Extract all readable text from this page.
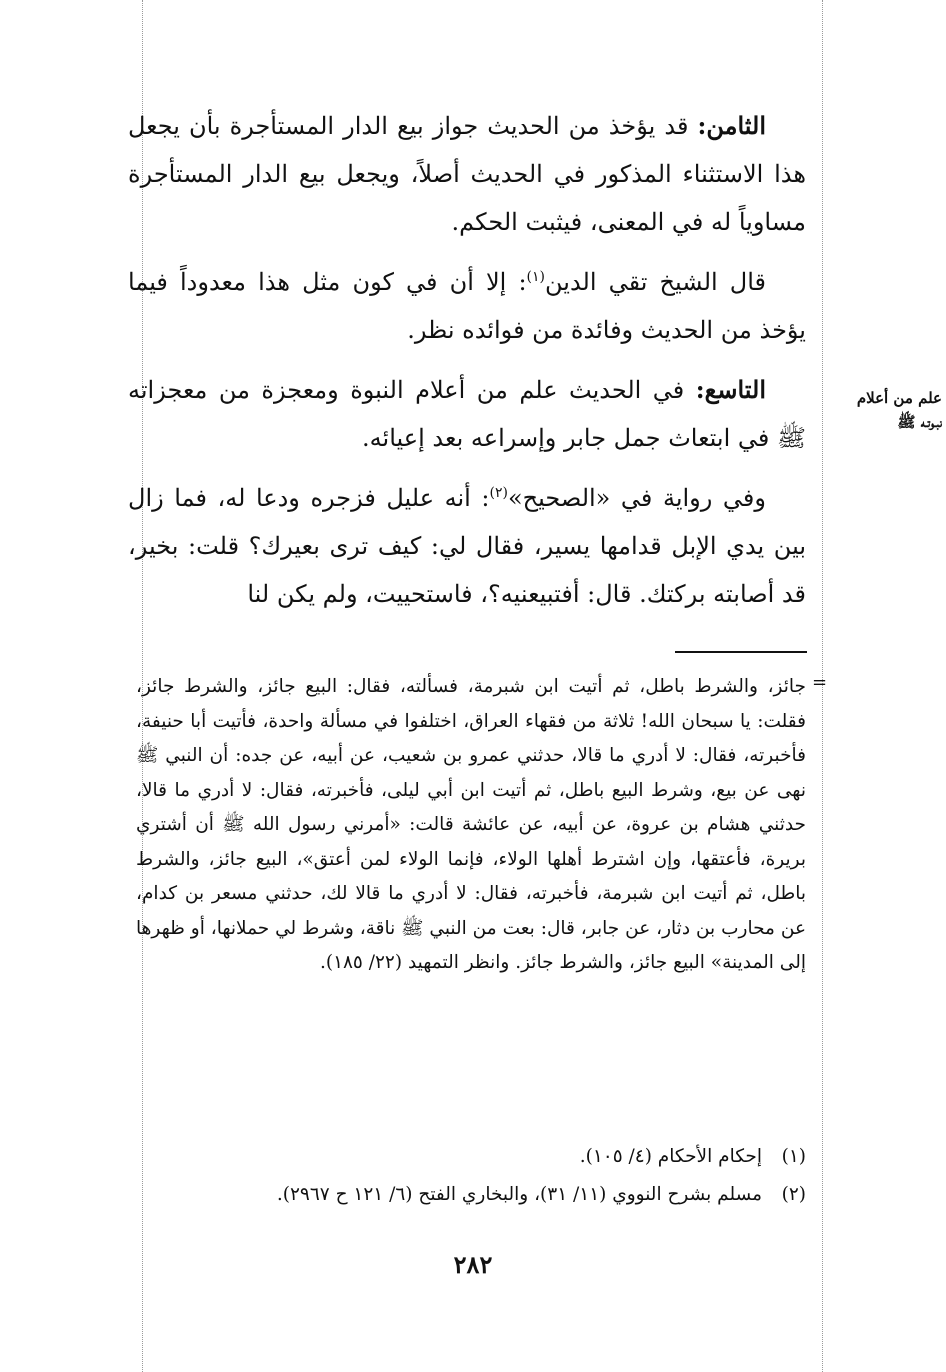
الثامن: قد يؤخذ من الحديث جواز بيع الدار المستأجرة بأن يجعل هذا الاستثناء المذكور في الحديث أصلاً، ويجعل بيع الدار المستأجرة مساوياً له في المعنى، فيثبت الحكم.

قال الشيخ تقي الدين$^{(١)}$: إلا أن في كون مثل هذا معدوداً فيما يؤخذ من الحديث وفائدة من فوائده نظر.

التاسع: في الحديث علم من أعلام النبوة ومعجزة من معجزاته ﷺ في ابتعاث جمل جابر وإسراعه بعد إعيائه.

وفي رواية في «الصحيح»$^{(٢)}$: أنه عليل فزجره ودعا له، فما زال بين يدي الإبل قدامها يسير، فقال لي: كيف ترى بعيرك؟ قلت: بخير، قد أصابته بركتك. قال: أفتبيعنيه؟، فاستحييت، ولم يكن لنا

علم من أعلام
نبـوتـه ﷺ
=
جائز، والشرط باطل، ثم أتيت ابن شبرمة، فسألته، فقال: البيع جائز، والشرط جائز، فقلت: يا سبحان الله! ثلاثة من فقهاء العراق، اختلفوا في مسألة واحدة، فأتيت أبا حنيفة، فأخبرته، فقال: لا أدري ما قالا، حدثني عمرو بن شعيب، عن أبيه، عن جده: أن النبي ﷺ نهى عن بيع، وشرط البيع باطل، ثم أتيت ابن أبي ليلى، فأخبرته، فقال: لا أدري ما قالا، حدثني هشام بن عروة، عن أبيه، عن عائشة قالت: «أمرني رسول الله ﷺ أن أشتري بريرة، فأعتقها، وإن اشترط أهلها الولاء، فإنما الولاء لمن أعتق»، البيع جائز، والشرط باطل، ثم أتيت ابن شبرمة، فأخبرته، فقال: لا أدري ما قالا لك، حدثني مسعر بن كدام، عن محارب بن دثار، عن جابر، قال: بعت من النبي ﷺ ناقة، وشرط لي حملانها، أو ظهرها إلى المدينة» البيع جائز، والشرط جائز. وانظر التمهيد (٢٢/ ١٨٥).
(١)
إحكام الأحكام (٤/ ١٠٥).
(٢)
مسلم بشرح النووي (١١/ ٣١)، والبخاري الفتح (٦/ ١٢١ ح ٢٩٦٧).
٢٨٢
